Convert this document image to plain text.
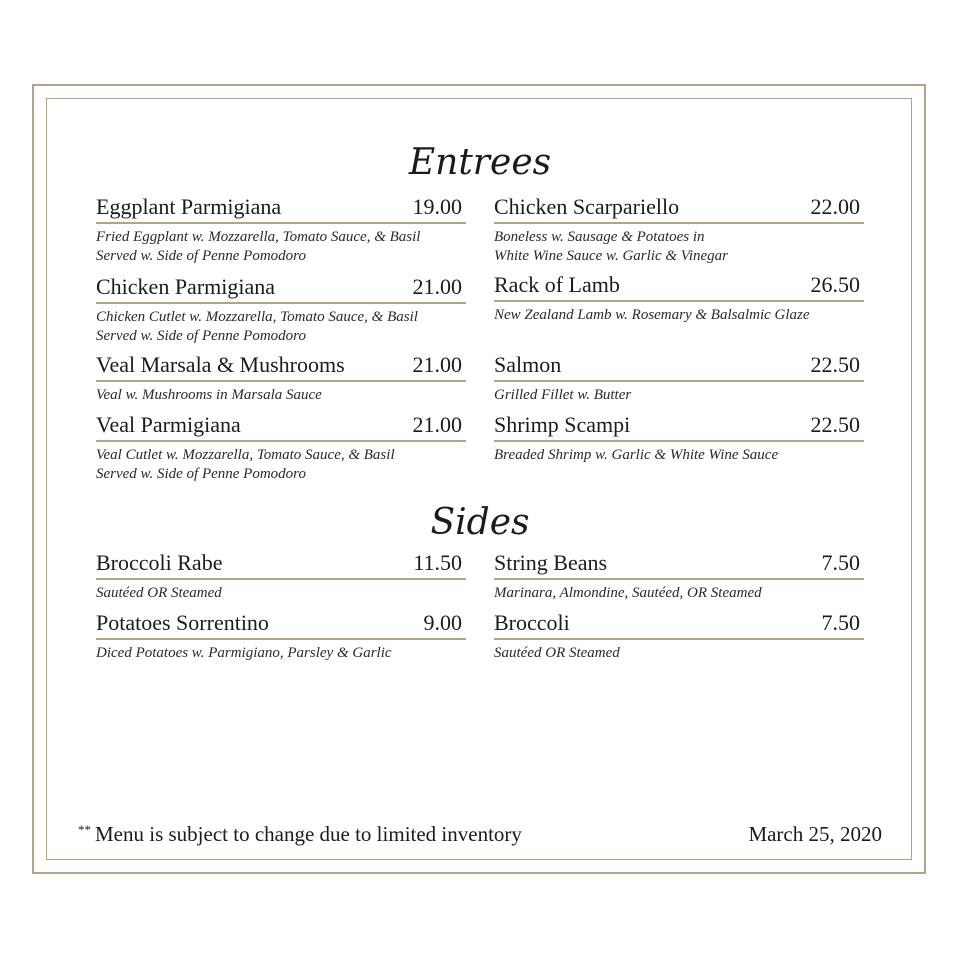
Entrees
Eggplant Parmigiana	19.00
Fried Eggplant w. Mozzarella, Tomato Sauce, & Basil
Served w. Side of Penne Pomodoro
Chicken Parmigiana	21.00
Chicken Cutlet w. Mozzarella, Tomato Sauce, & Basil
Served w. Side of Penne Pomodoro
Veal Marsala & Mushrooms	21.00
Veal w. Mushrooms in Marsala Sauce
Veal Parmigiana	21.00
Veal Cutlet w. Mozzarella, Tomato Sauce, & Basil
Served w. Side of Penne Pomodoro
Chicken Scarpariello	22.00
Boneless w. Sausage & Potatoes in
White Wine Sauce w. Garlic & Vinegar
Rack of Lamb	26.50
New Zealand Lamb w. Rosemary & Balsalmic Glaze
Salmon	22.50
Grilled Fillet w. Butter
Shrimp Scampi	22.50
Breaded Shrimp w. Garlic & White Wine Sauce
Sides
Broccoli Rabe	11.50
Sautéed OR Steamed
String Beans	7.50
Marinara, Almondine, Sautéed, OR Steamed
Potatoes Sorrentino	9.00
Diced Potatoes w. Parmigiano, Parsley & Garlic
Broccoli	7.50
Sautéed OR Steamed
** Menu is subject to change due to limited inventory	March 25, 2020
